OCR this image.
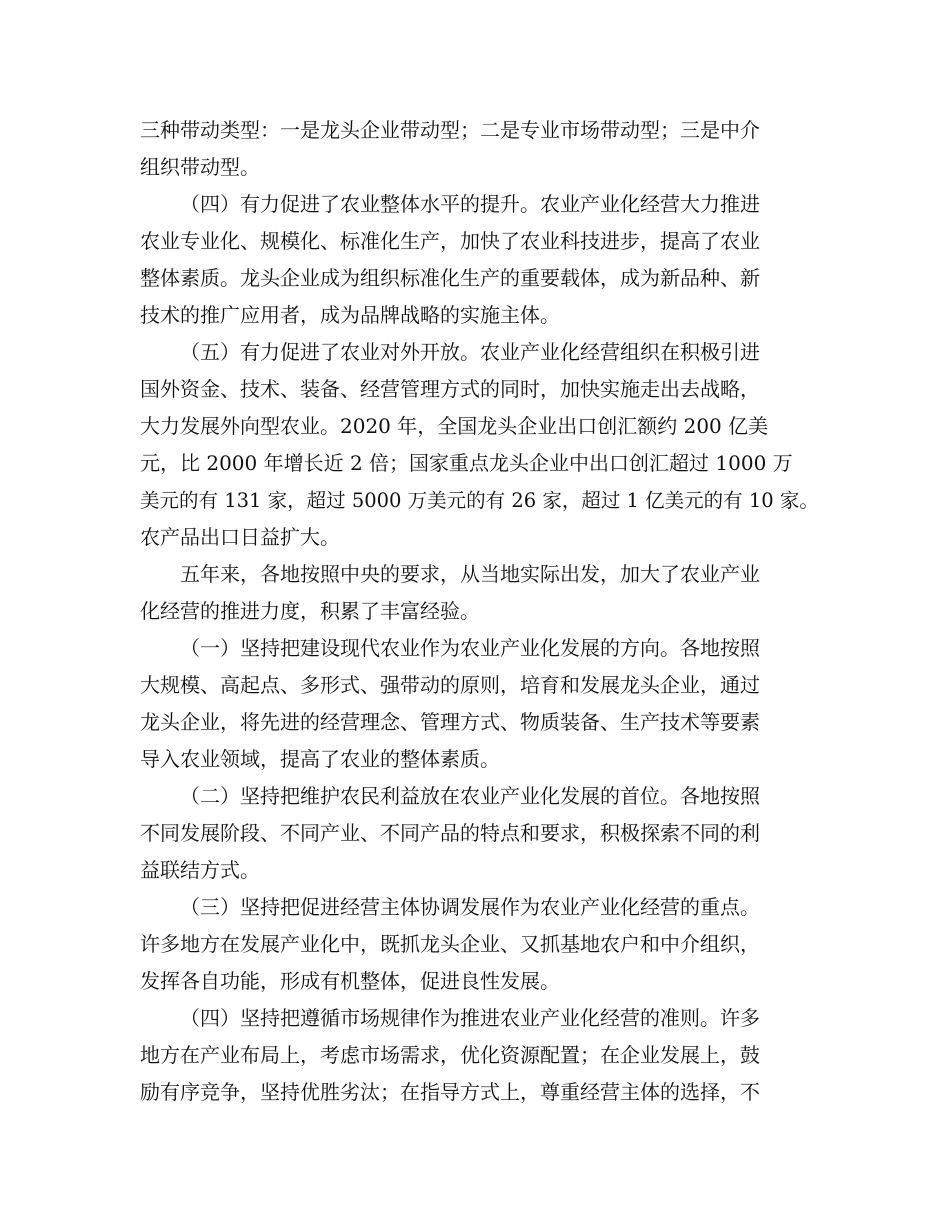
三种带动类型：一是龙头企业带动型；二是专业市场带动型；三是中介
组织带动型。
（四）有力促进了农业整体水平的提升。农业产业化经营大力推进
农业专业化、规模化、标准化生产，加快了农业科技进步，提高了农业
整体素质。龙头企业成为组织标准化生产的重要载体，成为新品种、新
技术的推广应用者，成为品牌战略的实施主体。
（五）有力促进了农业对外开放。农业产业化经营组织在积极引进
国外资金、技术、装备、经营管理方式的同时，加快实施走出去战略，
大力发展外向型农业。2020 年，全国龙头企业出口创汇额约 200 亿美
元，比 2000 年增长近 2 倍；国家重点龙头企业中出口创汇超过 1000 万
美元的有 131 家，超过 5000 万美元的有 26 家，超过 1 亿美元的有 10 家。
农产品出口日益扩大。
五年来，各地按照中央的要求，从当地实际出发，加大了农业产业
化经营的推进力度，积累了丰富经验。
（一）坚持把建设现代农业作为农业产业化发展的方向。各地按照
大规模、高起点、多形式、强带动的原则，培育和发展龙头企业，通过
龙头企业，将先进的经营理念、管理方式、物质装备、生产技术等要素
导入农业领域，提高了农业的整体素质。
（二）坚持把维护农民利益放在农业产业化发展的首位。各地按照
不同发展阶段、不同产业、不同产品的特点和要求，积极探索不同的利
益联结方式。
（三）坚持把促进经营主体协调发展作为农业产业化经营的重点。
许多地方在发展产业化中，既抓龙头企业、又抓基地农户和中介组织，
发挥各自功能，形成有机整体，促进良性发展。
（四）坚持把遵循市场规律作为推进农业产业化经营的准则。许多
地方在产业布局上，考虑市场需求，优化资源配置；在企业发展上，鼓
励有序竞争，坚持优胜劣汰；在指导方式上，尊重经营主体的选择，不
